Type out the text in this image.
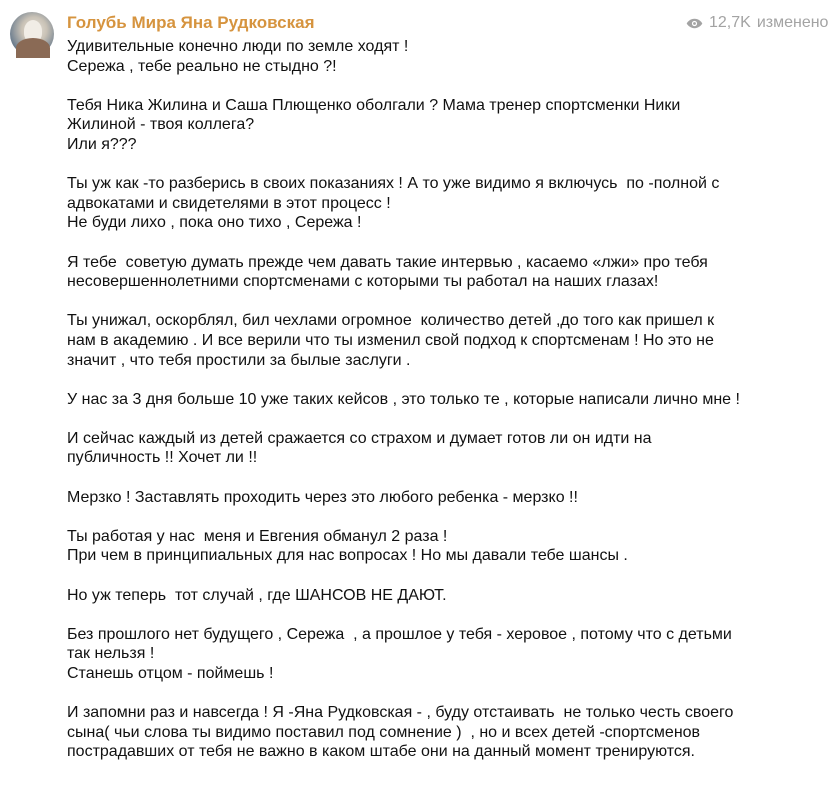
Голубь Мира Яна Рудковская	12,7K изменено
Удивительные конечно люди по земле ходят !
Сережа , тебе реально не стыдно ?!
Тебя Ника Жилина и Саша Плющенко оболгали ? Мама тренер спортсменки Ники
Жилиной - твоя коллега?
Или я???
Ты уж как -то разберись в своих показаниях ! А то уже видимо я включусь  по -полной с
адвокатами и свидетелями в этот процесс !
Не буди лихо , пока оно тихо , Сережа !
Я тебе  советую думать прежде чем давать такие интервью , касаемо «лжи» про тебя
несовершеннолетними спортсменами с которыми ты работал на наших глазах!
Ты унижал, оскорблял, бил чехлами огромное  количество детей ,до того как пришел к
нам в академию . И все верили что ты изменил свой подход к спортсменам ! Но это не
значит , что тебя простили за былые заслуги .
У нас за 3 дня больше 10 уже таких кейсов , это только те , которые написали лично мне !
И сейчас каждый из детей сражается со страхом и думает готов ли он идти на
публичность !! Хочет ли !!
Мерзко ! Заставлять проходить через это любого ребенка - мерзко !!
Ты работая у нас  меня и Евгения обманул 2 раза !
При чем в принципиальных для нас вопросах ! Но мы давали тебе шансы .
Но уж теперь  тот случай , где ШАНСОВ НЕ ДАЮТ.
Без прошлого нет будущего , Сережа  , а прошлое у тебя - херовое , потому что с детьми
так нельзя !
Станешь отцом - поймешь !
И запомни раз и навсегда ! Я -Яна Рудковская - , буду отстаивать  не только честь своего
сына( чьи слова ты видимо поставил под сомнение )  , но и всех детей -спортсменов
пострадавших от тебя не важно в каком штабе они на данный момент тренируются.
